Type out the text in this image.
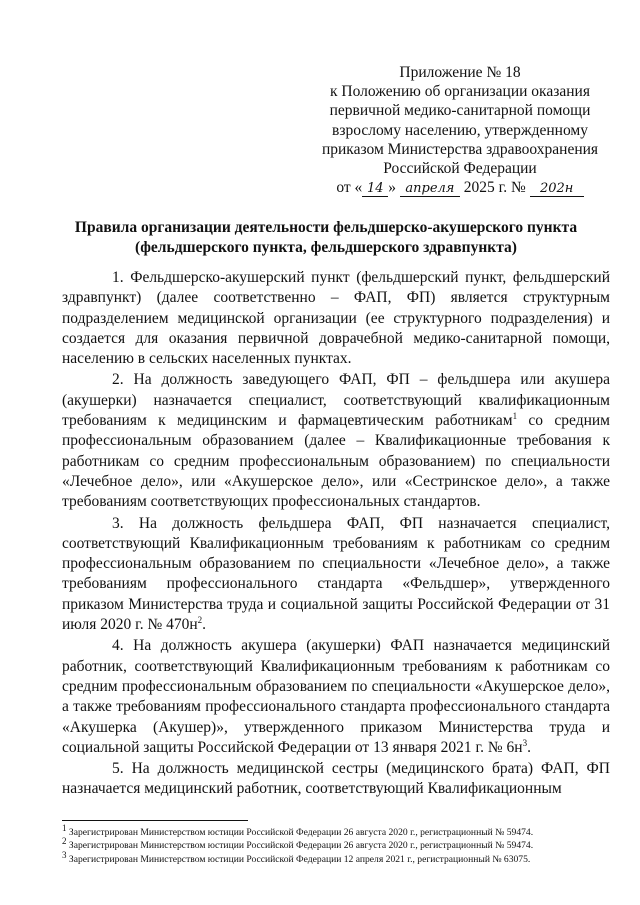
Приложение № 18
к Положению об организации оказания
первичной медико-санитарной помощи
взрослому населению, утвержденному
приказом Министерства здравоохранения
Российской Федерации
от « 14 » апреля 2025 г. № 202н
Правила организации деятельности фельдшерско-акушерского пункта
(фельдшерского пункта, фельдшерского здравпункта)

1. Фельдшерско-акушерский пункт (фельдшерский пункт, фельдшерский здравпункт) (далее соответственно – ФАП, ФП) является структурным подразделением медицинской организации (ее структурного подразделения) и создается для оказания первичной доврачебной медико-санитарной помощи, населению в сельских населенных пунктах.

2. На должность заведующего ФАП, ФП – фельдшера или акушера (акушерки) назначается специалист, соответствующий квалификационным требованиям к медицинским и фармацевтическим работникам$^1$ со средним профессиональным образованием (далее – Квалификационные требования к работникам со средним профессиональным образованием) по специальности «Лечебное дело», или «Акушерское дело», или «Сестринское дело», а также требованиям соответствующих профессиональных стандартов.

3. На должность фельдшера ФАП, ФП назначается специалист, соответствующий Квалификационным требованиям к работникам со средним профессиональным образованием по специальности «Лечебное дело», а также требованиям профессионального стандарта «Фельдшер», утвержденного приказом Министерства труда и социальной защиты Российской Федерации от 31 июля 2020 г. № $470н^2$.

4. На должность акушера (акушерки) ФАП назначается медицинский работник, соответствующий Квалификационным требованиям к работникам со средним профессиональным образованием по специальности «Акушерское дело», а также требованиям профессионального стандарта профессионального стандарта «Акушерка (Акушер)», утвержденного приказом Министерства труда и социальной защиты Российской Федерации от 13 января 2021 г. № $6н^3$.

5. На должность медицинской сестры (медицинского брата) ФАП, ФП назначается медицинский работник, соответствующий Квалификационным

$^1$ Зарегистрирован Министерством юстиции Российской Федерации 26 августа 2020 г., регистрационный № 59474.
$^2$ Зарегистрирован Министерством юстиции Российской Федерации 26 августа 2020 г., регистрационный № 59474.
$^3$ Зарегистрирован Министерством юстиции Российской Федерации 12 апреля 2021 г., регистрационный № 63075.
